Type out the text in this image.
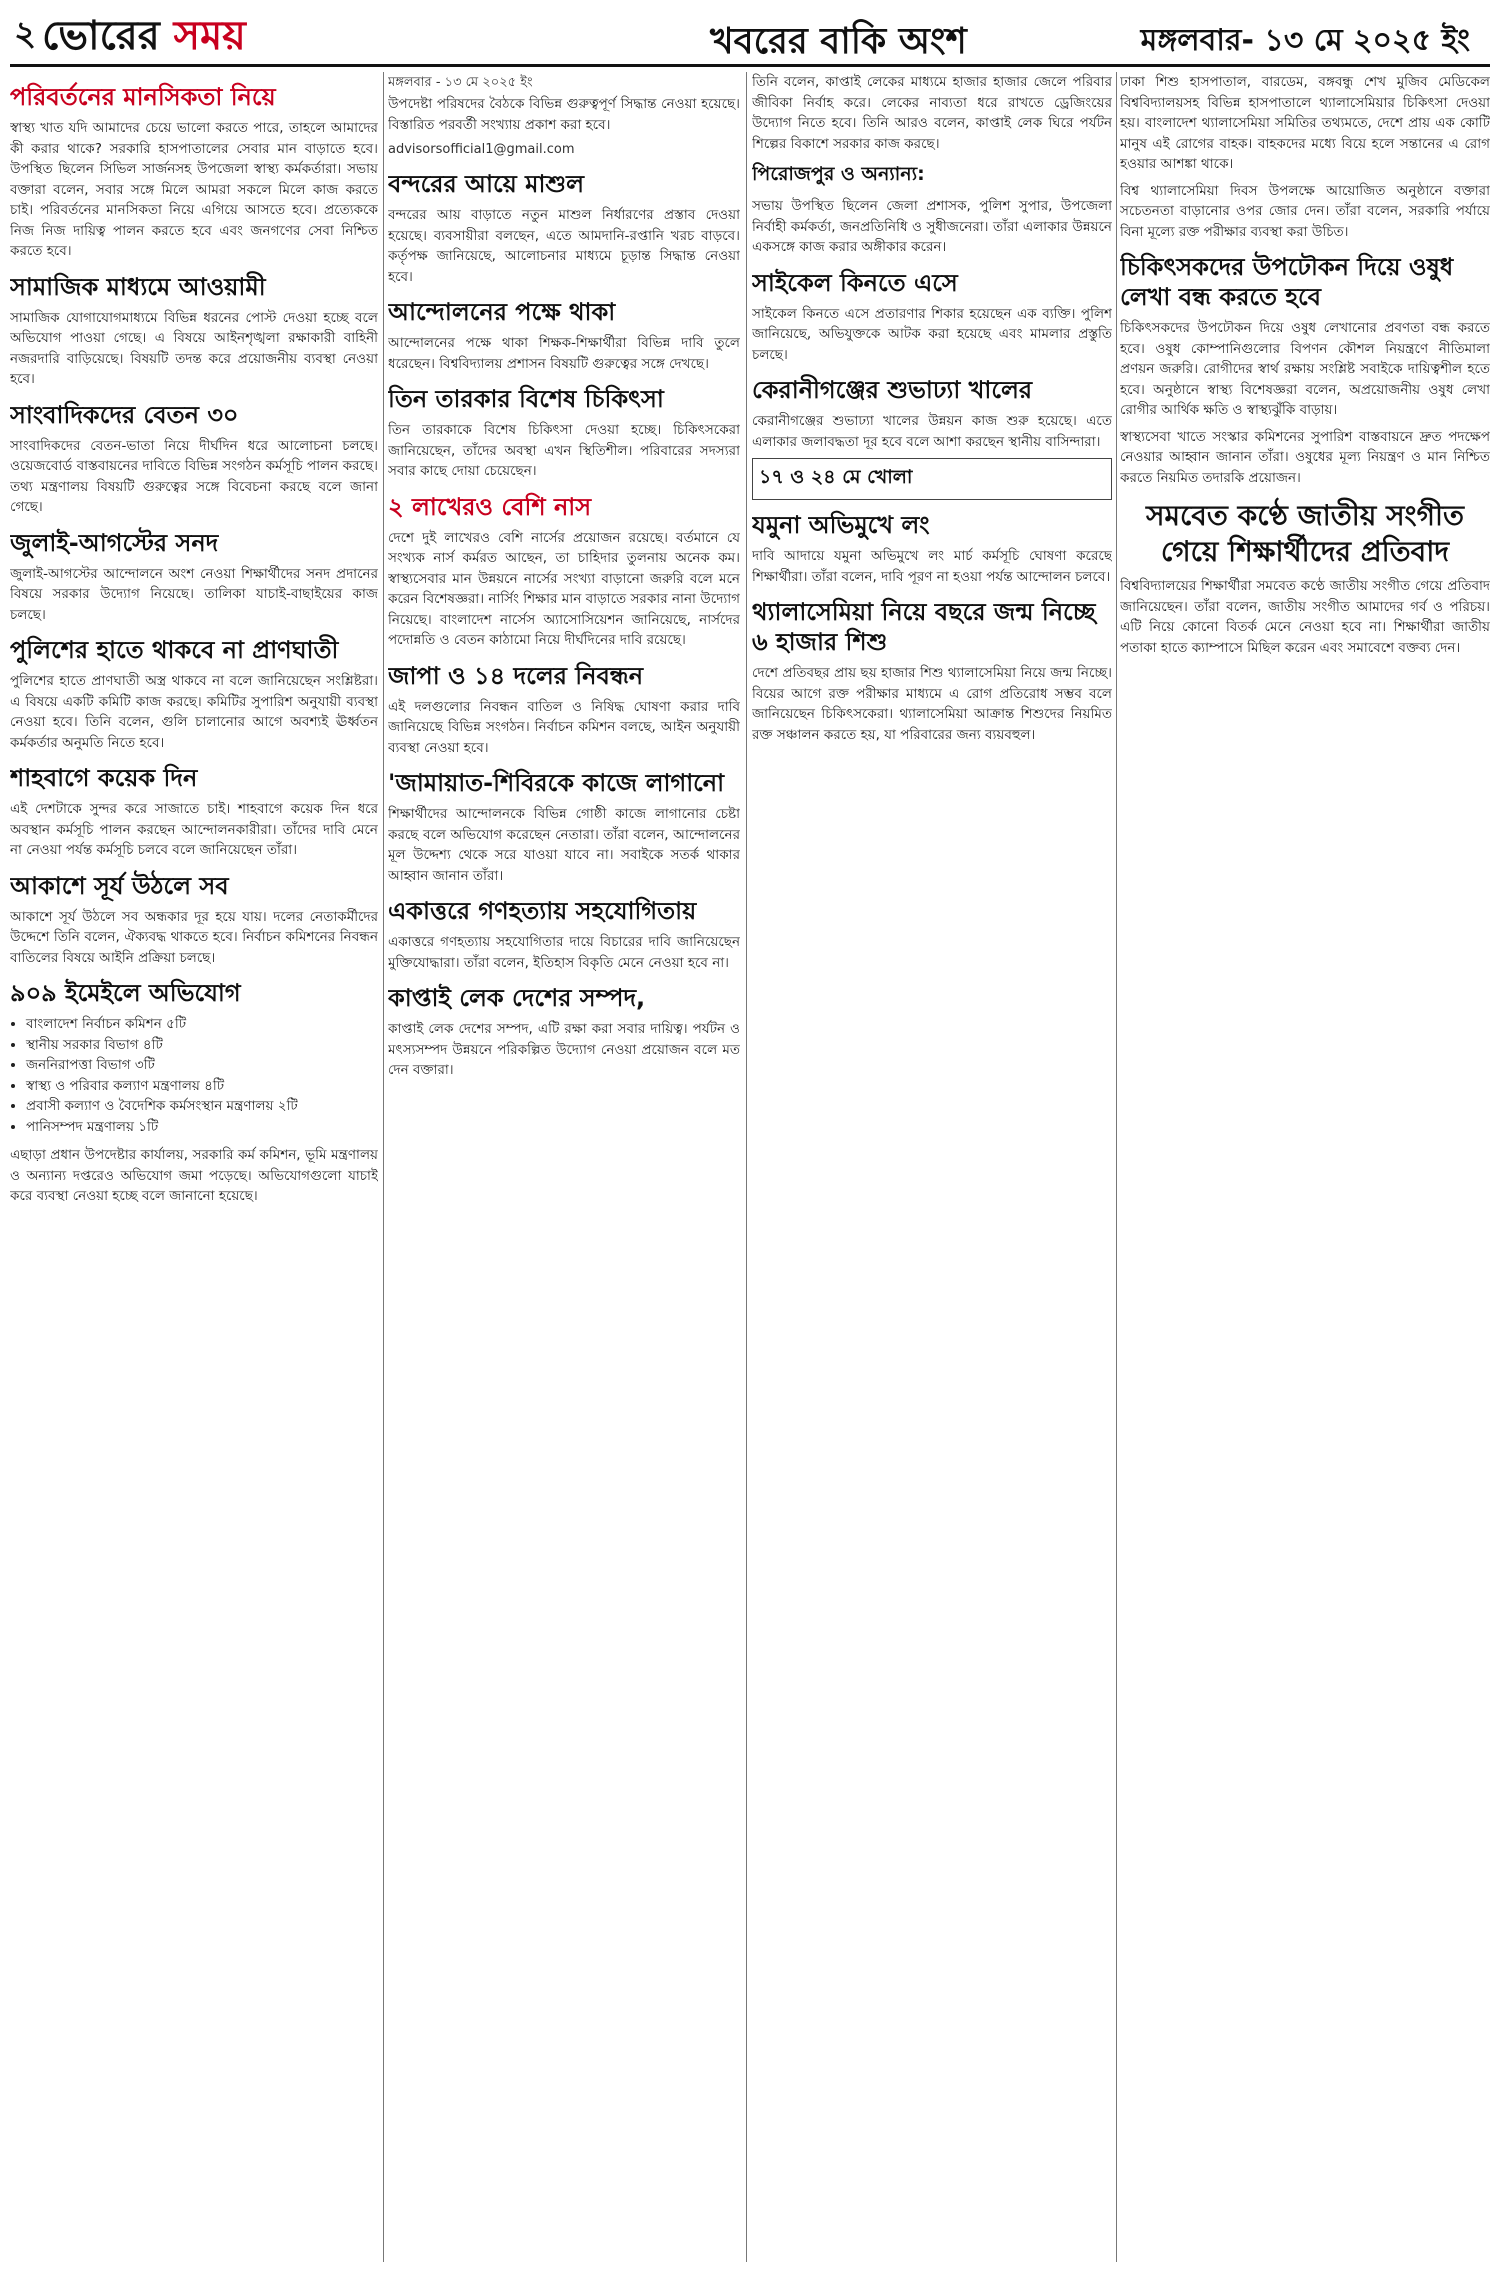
২ ভোরের সময়	খবরের বাকি অংশ	মঙ্গলবার- ১৩ মে ২০২৫ ইং
পরিবর্তনের মানসিকতা নিয়ে

স্বাস্থ্য খাত যদি আমাদের চেয়ে ভালো করতে পারে, তাহলে আমাদের কী করার থাকে? সরকারি হাসপাতালের সেবার মান বাড়াতে হবে। উপস্থিত ছিলেন সিভিল সার্জনসহ উপজেলা স্বাস্থ্য কর্মকর্তারা। সভায় বক্তারা বলেন, সবার সঙ্গে মিলে আমরা সকলে মিলে কাজ করতে চাই। পরিবর্তনের মানসিকতা নিয়ে এগিয়ে আসতে হবে। প্রত্যেককে নিজ নিজ দায়িত্ব পালন করতে হবে এবং জনগণের সেবা নিশ্চিত করতে হবে।

সামাজিক মাধ্যমে আওয়ামী

সামাজিক যোগাযোগমাধ্যমে বিভিন্ন ধরনের পোস্ট দেওয়া হচ্ছে বলে অভিযোগ পাওয়া গেছে। এ বিষয়ে আইনশৃঙ্খলা রক্ষাকারী বাহিনী নজরদারি বাড়িয়েছে। বিষয়টি তদন্ত করে প্রয়োজনীয় ব্যবস্থা নেওয়া হবে।

সাংবাদিকদের বেতন ৩০

সাংবাদিকদের বেতন-ভাতা নিয়ে দীর্ঘদিন ধরে আলোচনা চলছে। ওয়েজবোর্ড বাস্তবায়নের দাবিতে বিভিন্ন সংগঠন কর্মসূচি পালন করছে। তথ্য মন্ত্রণালয় বিষয়টি গুরুত্বের সঙ্গে বিবেচনা করছে বলে জানা গেছে।

জুলাই-আগস্টের সনদ

জুলাই-আগস্টের আন্দোলনে অংশ নেওয়া শিক্ষার্থীদের সনদ প্রদানের বিষয়ে সরকার উদ্যোগ নিয়েছে। তালিকা যাচাই-বাছাইয়ের কাজ চলছে।

পুলিশের হাতে থাকবে না প্রাণঘাতী

পুলিশের হাতে প্রাণঘাতী অস্ত্র থাকবে না বলে জানিয়েছেন সংশ্লিষ্টরা। এ বিষয়ে একটি কমিটি কাজ করছে। কমিটির সুপারিশ অনুযায়ী ব্যবস্থা নেওয়া হবে। তিনি বলেন, গুলি চালানোর আগে অবশ্যই ঊর্ধ্বতন কর্মকর্তার অনুমতি নিতে হবে।

শাহবাগে কয়েক দিন

এই দেশটাকে সুন্দর করে সাজাতে চাই। শাহবাগে কয়েক দিন ধরে অবস্থান কর্মসূচি পালন করছেন আন্দোলনকারীরা। তাঁদের দাবি মেনে না নেওয়া পর্যন্ত কর্মসূচি চলবে বলে জানিয়েছেন তাঁরা।

আকাশে সূর্য উঠলে সব

আকাশে সূর্য উঠলে সব অন্ধকার দূর হয়ে যায়। দলের নেতাকর্মীদের উদ্দেশে তিনি বলেন, ঐক্যবদ্ধ থাকতে হবে। নির্বাচন কমিশনের নিবন্ধন বাতিলের বিষয়ে আইনি প্রক্রিয়া চলছে।

৯০৯ ইমেইলে অভিযোগ
• বাংলাদেশ নির্বাচন কমিশন ৫টি
• স্থানীয় সরকার বিভাগ ৪টি
• জননিরাপত্তা বিভাগ ৩টি
• স্বাস্থ্য ও পরিবার কল্যাণ মন্ত্রণালয় ৪টি
• প্রবাসী কল্যাণ ও বৈদেশিক কর্মসংস্থান মন্ত্রণালয় ২টি
• পানিসম্পদ মন্ত্রণালয় ১টি

এছাড়া প্রধান উপদেষ্টার কার্যালয়, সরকারি কর্ম কমিশন, ভূমি মন্ত্রণালয় ও অন্যান্য দপ্তরেও অভিযোগ জমা পড়েছে। অভিযোগগুলো যাচাই করে ব্যবস্থা নেওয়া হচ্ছে বলে জানানো হয়েছে।

মঙ্গলবার - ১৩ মে ২০২৫ ইং

উপদেষ্টা পরিষদের বৈঠকে বিভিন্ন গুরুত্বপূর্ণ সিদ্ধান্ত নেওয়া হয়েছে। বিস্তারিত পরবর্তী সংখ্যায় প্রকাশ করা হবে।

advisorsofficial1@gmail.com
বন্দরের আয়ে মাশুল

বন্দরের আয় বাড়াতে নতুন মাশুল নির্ধারণের প্রস্তাব দেওয়া হয়েছে। ব্যবসায়ীরা বলছেন, এতে আমদানি-রপ্তানি খরচ বাড়বে। কর্তৃপক্ষ জানিয়েছে, আলোচনার মাধ্যমে চূড়ান্ত সিদ্ধান্ত নেওয়া হবে।

আন্দোলনের পক্ষে থাকা

আন্দোলনের পক্ষে থাকা শিক্ষক-শিক্ষার্থীরা বিভিন্ন দাবি তুলে ধরেছেন। বিশ্ববিদ্যালয় প্রশাসন বিষয়টি গুরুত্বের সঙ্গে দেখছে।

তিন তারকার বিশেষ চিকিৎসা

তিন তারকাকে বিশেষ চিকিৎসা দেওয়া হচ্ছে। চিকিৎসকেরা জানিয়েছেন, তাঁদের অবস্থা এখন স্থিতিশীল। পরিবারের সদস্যরা সবার কাছে দোয়া চেয়েছেন।

২ লাখেরও বেশি নাস

দেশে দুই লাখেরও বেশি নার্সের প্রয়োজন রয়েছে। বর্তমানে যে সংখ্যক নার্স কর্মরত আছেন, তা চাহিদার তুলনায় অনেক কম। স্বাস্থ্যসেবার মান উন্নয়নে নার্সের সংখ্যা বাড়ানো জরুরি বলে মনে করেন বিশেষজ্ঞরা। নার্সিং শিক্ষার মান বাড়াতে সরকার নানা উদ্যোগ নিয়েছে। বাংলাদেশ নার্সেস অ্যাসোসিয়েশন জানিয়েছে, নার্সদের পদোন্নতি ও বেতন কাঠামো নিয়ে দীর্ঘদিনের দাবি রয়েছে।

জাপা ও ১৪ দলের নিবন্ধন

এই দলগুলোর নিবন্ধন বাতিল ও নিষিদ্ধ ঘোষণা করার দাবি জানিয়েছে বিভিন্ন সংগঠন। নির্বাচন কমিশন বলছে, আইন অনুযায়ী ব্যবস্থা নেওয়া হবে।

'জামায়াত-শিবিরকে কাজে লাগানো

শিক্ষার্থীদের আন্দোলনকে বিভিন্ন গোষ্ঠী কাজে লাগানোর চেষ্টা করছে বলে অভিযোগ করেছেন নেতারা। তাঁরা বলেন, আন্দোলনের মূল উদ্দেশ্য থেকে সরে যাওয়া যাবে না। সবাইকে সতর্ক থাকার আহ্বান জানান তাঁরা।

একাত্তরে গণহত্যায় সহযোগিতায়

একাত্তরে গণহত্যায় সহযোগিতার দায়ে বিচারের দাবি জানিয়েছেন মুক্তিযোদ্ধারা। তাঁরা বলেন, ইতিহাস বিকৃতি মেনে নেওয়া হবে না।

কাপ্তাই লেক দেশের সম্পদ,

কাপ্তাই লেক দেশের সম্পদ, এটি রক্ষা করা সবার দায়িত্ব। পর্যটন ও মৎস্যসম্পদ উন্নয়নে পরিকল্পিত উদ্যোগ নেওয়া প্রয়োজন বলে মত দেন বক্তারা।

তিনি বলেন, কাপ্তাই লেকের মাধ্যমে হাজার হাজার জেলে পরিবার জীবিকা নির্বাহ করে। লেকের নাব্যতা ধরে রাখতে ড্রেজিংয়ের উদ্যোগ নিতে হবে। তিনি আরও বলেন, কাপ্তাই লেক ঘিরে পর্যটন শিল্পের বিকাশে সরকার কাজ করছে।

পিরোজপুর ও অন্যান্য:

সভায় উপস্থিত ছিলেন জেলা প্রশাসক, পুলিশ সুপার, উপজেলা নির্বাহী কর্মকর্তা, জনপ্রতিনিধি ও সুধীজনেরা। তাঁরা এলাকার উন্নয়নে একসঙ্গে কাজ করার অঙ্গীকার করেন।

সাইকেল কিনতে এসে

সাইকেল কিনতে এসে প্রতারণার শিকার হয়েছেন এক ব্যক্তি। পুলিশ জানিয়েছে, অভিযুক্তকে আটক করা হয়েছে এবং মামলার প্রস্তুতি চলছে।

কেরানীগঞ্জের শুভাঢ্যা খালের

কেরানীগঞ্জের শুভাঢ্যা খালের উন্নয়ন কাজ শুরু হয়েছে। এতে এলাকার জলাবদ্ধতা দূর হবে বলে আশা করছেন স্থানীয় বাসিন্দারা।

১৭ ও ২৪ মে খোলা
যমুনা অভিমুখে লং

দাবি আদায়ে যমুনা অভিমুখে লং মার্চ কর্মসূচি ঘোষণা করেছে শিক্ষার্থীরা। তাঁরা বলেন, দাবি পূরণ না হওয়া পর্যন্ত আন্দোলন চলবে।

থ্যালাসেমিয়া নিয়ে বছরে জন্ম নিচ্ছে ৬ হাজার শিশু

দেশে প্রতিবছর প্রায় ছয় হাজার শিশু থ্যালাসেমিয়া নিয়ে জন্ম নিচ্ছে। বিয়ের আগে রক্ত পরীক্ষার মাধ্যমে এ রোগ প্রতিরোধ সম্ভব বলে জানিয়েছেন চিকিৎসকেরা। থ্যালাসেমিয়া আক্রান্ত শিশুদের নিয়মিত রক্ত সঞ্চালন করতে হয়, যা পরিবারের জন্য ব্যয়বহুল।

ঢাকা শিশু হাসপাতাল, বারডেম, বঙ্গবন্ধু শেখ মুজিব মেডিকেল বিশ্ববিদ্যালয়সহ বিভিন্ন হাসপাতালে থ্যালাসেমিয়ার চিকিৎসা দেওয়া হয়। বাংলাদেশ থ্যালাসেমিয়া সমিতির তথ্যমতে, দেশে প্রায় এক কোটি মানুষ এই রোগের বাহক। বাহকদের মধ্যে বিয়ে হলে সন্তানের এ রোগ হওয়ার আশঙ্কা থাকে।

বিশ্ব থ্যালাসেমিয়া দিবস উপলক্ষে আয়োজিত অনুষ্ঠানে বক্তারা সচেতনতা বাড়ানোর ওপর জোর দেন। তাঁরা বলেন, সরকারি পর্যায়ে বিনা মূল্যে রক্ত পরীক্ষার ব্যবস্থা করা উচিত।

চিকিৎসকদের উপঢৌকন দিয়ে ওষুধ লেখা বন্ধ করতে হবে

চিকিৎসকদের উপঢৌকন দিয়ে ওষুধ লেখানোর প্রবণতা বন্ধ করতে হবে। ওষুধ কোম্পানিগুলোর বিপণন কৌশল নিয়ন্ত্রণে নীতিমালা প্রণয়ন জরুরি। রোগীদের স্বার্থ রক্ষায় সংশ্লিষ্ট সবাইকে দায়িত্বশীল হতে হবে। অনুষ্ঠানে স্বাস্থ্য বিশেষজ্ঞরা বলেন, অপ্রয়োজনীয় ওষুধ লেখা রোগীর আর্থিক ক্ষতি ও স্বাস্থ্যঝুঁকি বাড়ায়।

স্বাস্থ্যসেবা খাতে সংস্কার কমিশনের সুপারিশ বাস্তবায়নে দ্রুত পদক্ষেপ নেওয়ার আহ্বান জানান তাঁরা। ওষুধের মূল্য নিয়ন্ত্রণ ও মান নিশ্চিত করতে নিয়মিত তদারকি প্রয়োজন।

সমবেত কণ্ঠে জাতীয় সংগীত গেয়ে শিক্ষার্থীদের প্রতিবাদ

বিশ্ববিদ্যালয়ের শিক্ষার্থীরা সমবেত কণ্ঠে জাতীয় সংগীত গেয়ে প্রতিবাদ জানিয়েছেন। তাঁরা বলেন, জাতীয় সংগীত আমাদের গর্ব ও পরিচয়। এটি নিয়ে কোনো বিতর্ক মেনে নেওয়া হবে না। শিক্ষার্থীরা জাতীয় পতাকা হাতে ক্যাম্পাসে মিছিল করেন এবং সমাবেশে বক্তব্য দেন।
